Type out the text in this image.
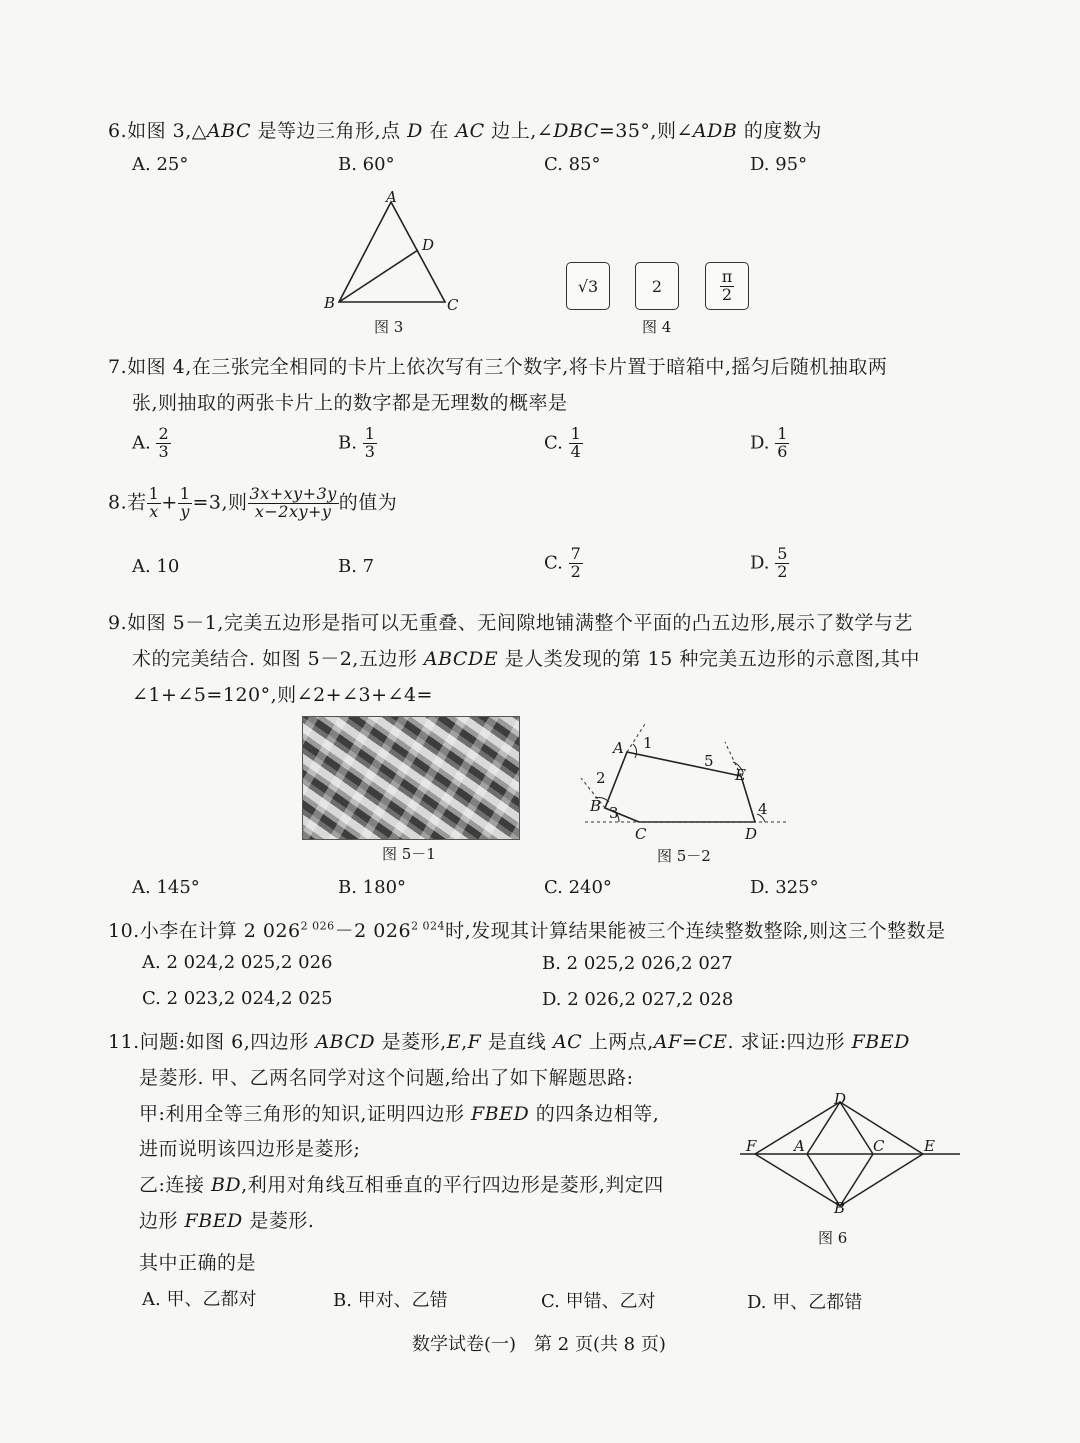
6.如图 3,△ABC 是等边三角形,点 D 在 AC 边上,∠DBC=35°,则∠ADB 的度数为
A. 25°	B. 60°	C. 85°	D. 95°
A
D
B	C
图 3
√3	2	$\frac{\pi}{2}$
图 4
7.如图 4,在三张完全相同的卡片上依次写有三个数字,将卡片置于暗箱中,摇匀后随机抽取两
张,则抽取的两张卡片上的数字都是无理数的概率是
A. $\frac{2}{3}$	B. $\frac{1}{3}$	C. $\frac{1}{4}$	D. $\frac{1}{6}$
8.若 $\frac{1}{x} + \frac{1}{y} =3$,则 $\frac{3x+xy+3y}{x-2xy+y}$ 的值为
A. 10	B. 7	C. $\frac{7}{2}$	D. $\frac{5}{2}$
9.如图 5－1,完美五边形是指可以无重叠、无间隙地铺满整个平面的凸五边形,展示了数学与艺
术的完美结合. 如图 5－2,五边形 ABCDE 是人类发现的第 15 种完美五边形的示意图,其中
∠1+∠5=120°,则∠2+∠3+∠4=
图 5－1
A 1
2
B 3
C	D
4
5
E
图 5－2
A. 145°	B. 180°	C. 240°	D. 325°
10.小李在计算 2 $026^{2 026}-2$ $026^{2 024}$时,发现其计算结果能被三个连续整数整除,则这三个整数是
A. 2 024,2 025,2 026	B. 2 025,2 026,2 027
C. 2 023,2 024,2 025	D. 2 026,2 027,2 028
11.问题:如图 6,四边形 ABCD 是菱形,E,F 是直线 AC 上两点,AF=CE. 求证:四边形 FBED
是菱形. 甲、乙两名同学对这个问题,给出了如下解题思路:
甲:利用全等三角形的知识,证明四边形 FBED 的四条边相等,
进而说明该四边形是菱形;
乙:连接 BD,利用对角线互相垂直的平行四边形是菱形,判定四
边形 FBED 是菱形.
其中正确的是
D
F	A	C	E
B
图 6
A. 甲、乙都对	B. 甲对、乙错	C. 甲错、乙对	D. 甲、乙都错
数学试卷(一)　第 2 页(共 8 页)
